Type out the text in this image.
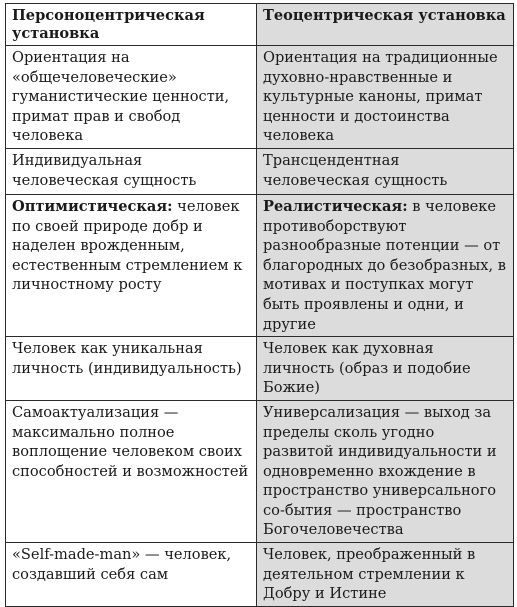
Персоноцентрическая установка	Теоцентрическая установка
Ориентация на «общечеловеческие» гуманистические ценности, примат прав и свобод человека	Ориентация на традиционные духовно-нравственные и культурные каноны, примат ценности и достоинства человека
Индивидуальная человеческая сущность	Трансцендентная человеческая сущность
Оптимистическая: человек по своей природе добр и наделен врожденным, естественным стремлением к личностному росту	Реалистическая: в человеке противоборствуют разнообразные потенции — от благородных до безобразных, в мотивах и поступках могут быть проявлены и одни, и другие
Человек как уникальная личность (индивидуальность)	Человек как духовная личность (образ и подобие Божие)
Самоактуализация — максимально полное воплощение человеком своих способностей и возможностей	Универсализация — выход за пределы сколь угодно развитой индивидуальности и одновременно вхождение в пространство универсального со-бытия — пространство Богочеловечества
«Self-made-man» — человек, создавший себя сам	Человек, преображенный в деятельном стремлении к Добру и Истине
